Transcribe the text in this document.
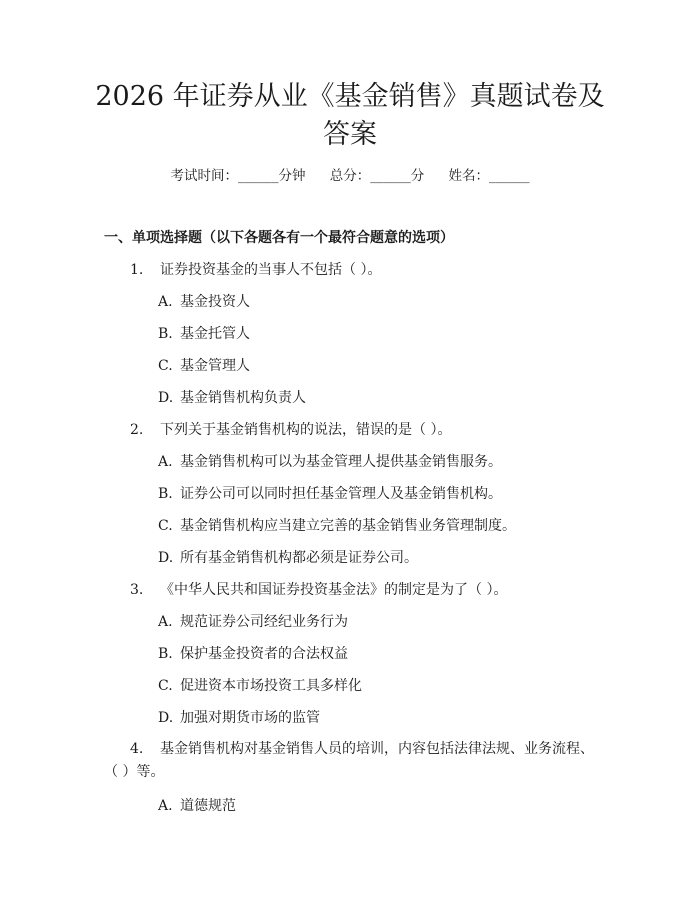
2026 年证券从业《基金销售》真题试卷及答案
考试时间：______分钟 总分：______分 姓名：______
一、单项选择题（以下各题各有一个最符合题意的选项）
1. 证券投资基金的当事人不包括（ ）。
A. 基金投资人
B. 基金托管人
C. 基金管理人
D. 基金销售机构负责人
2. 下列关于基金销售机构的说法，错误的是（ ）。
A. 基金销售机构可以为基金管理人提供基金销售服务。
B. 证券公司可以同时担任基金管理人及基金销售机构。
C. 基金销售机构应当建立完善的基金销售业务管理制度。
D. 所有基金销售机构都必须是证券公司。
3. 《中华人民共和国证券投资基金法》的制定是为了（ ）。
A. 规范证券公司经纪业务行为
B. 保护基金投资者的合法权益
C. 促进资本市场投资工具多样化
D. 加强对期货市场的监管
4. 基金销售机构对基金销售人员的培训，内容包括法律法规、业务流程、（ ）等。
A. 道德规范
